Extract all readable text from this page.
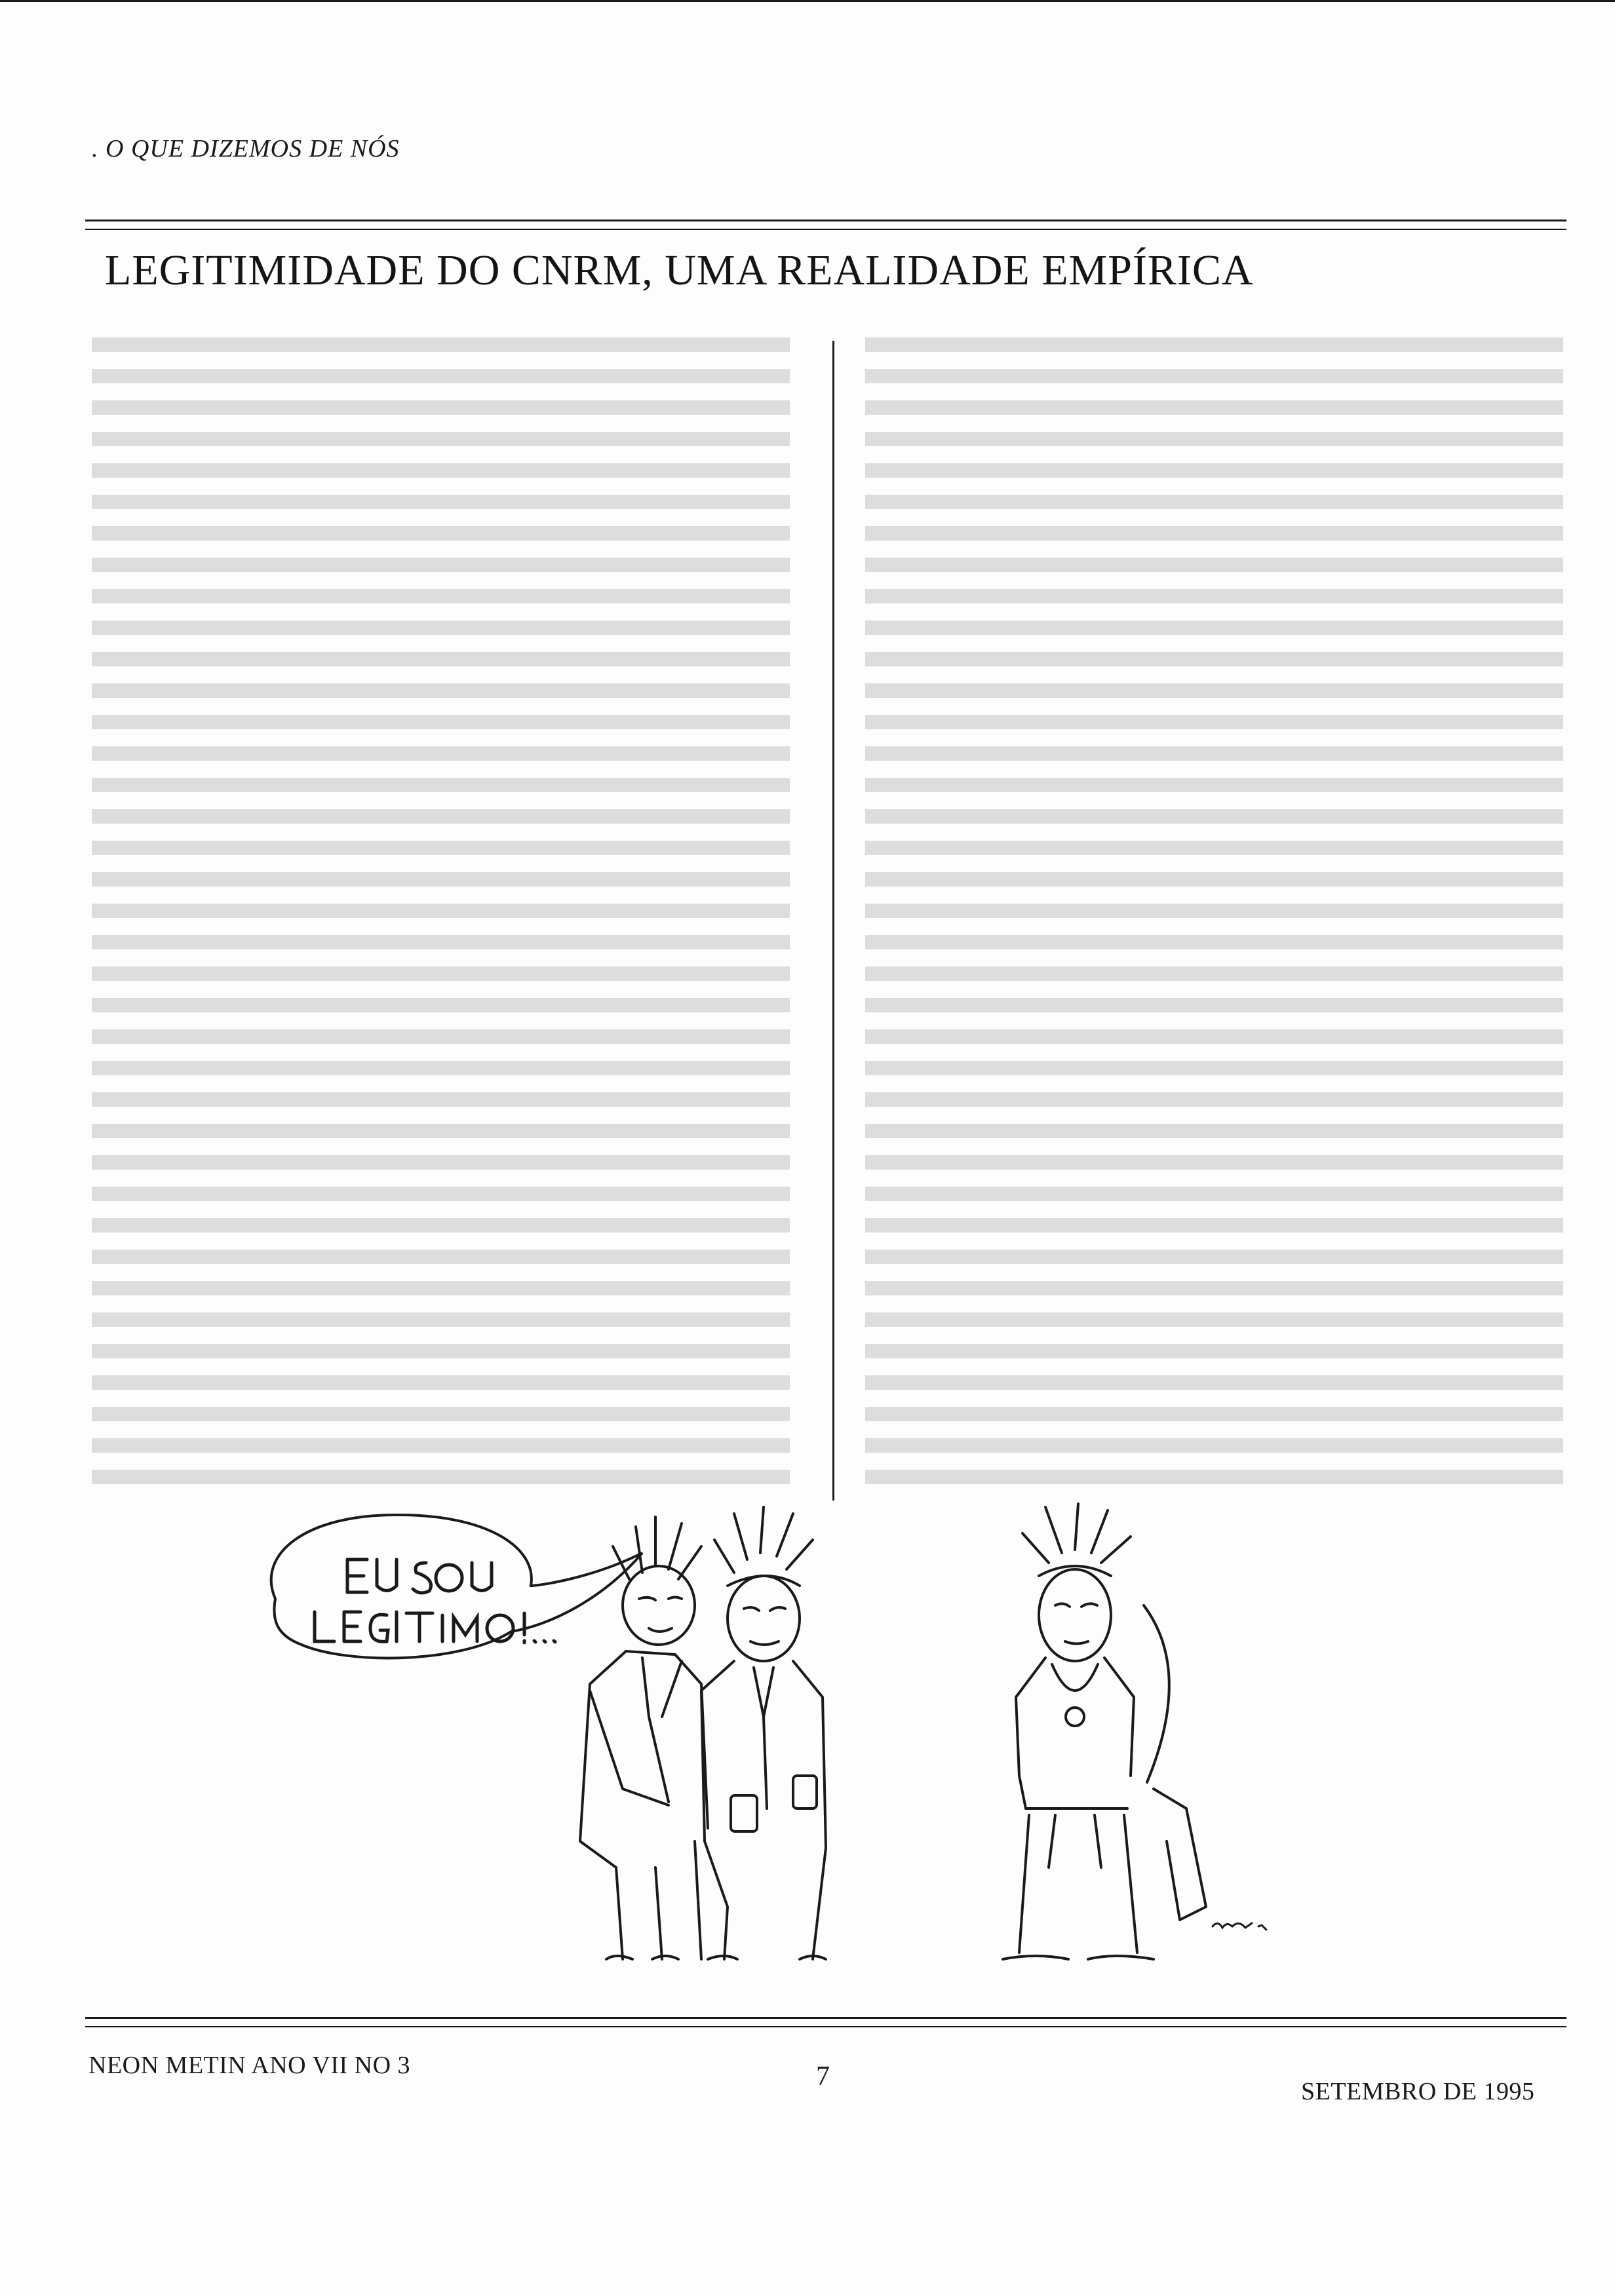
. O QUE DIZEMOS DE NÓS
LEGITIMIDADE DO CNRM, UMA REALIDADE EMPÍRICA
NEON METIN ANO VII NO 3	7	SETEMBRO DE 1995
